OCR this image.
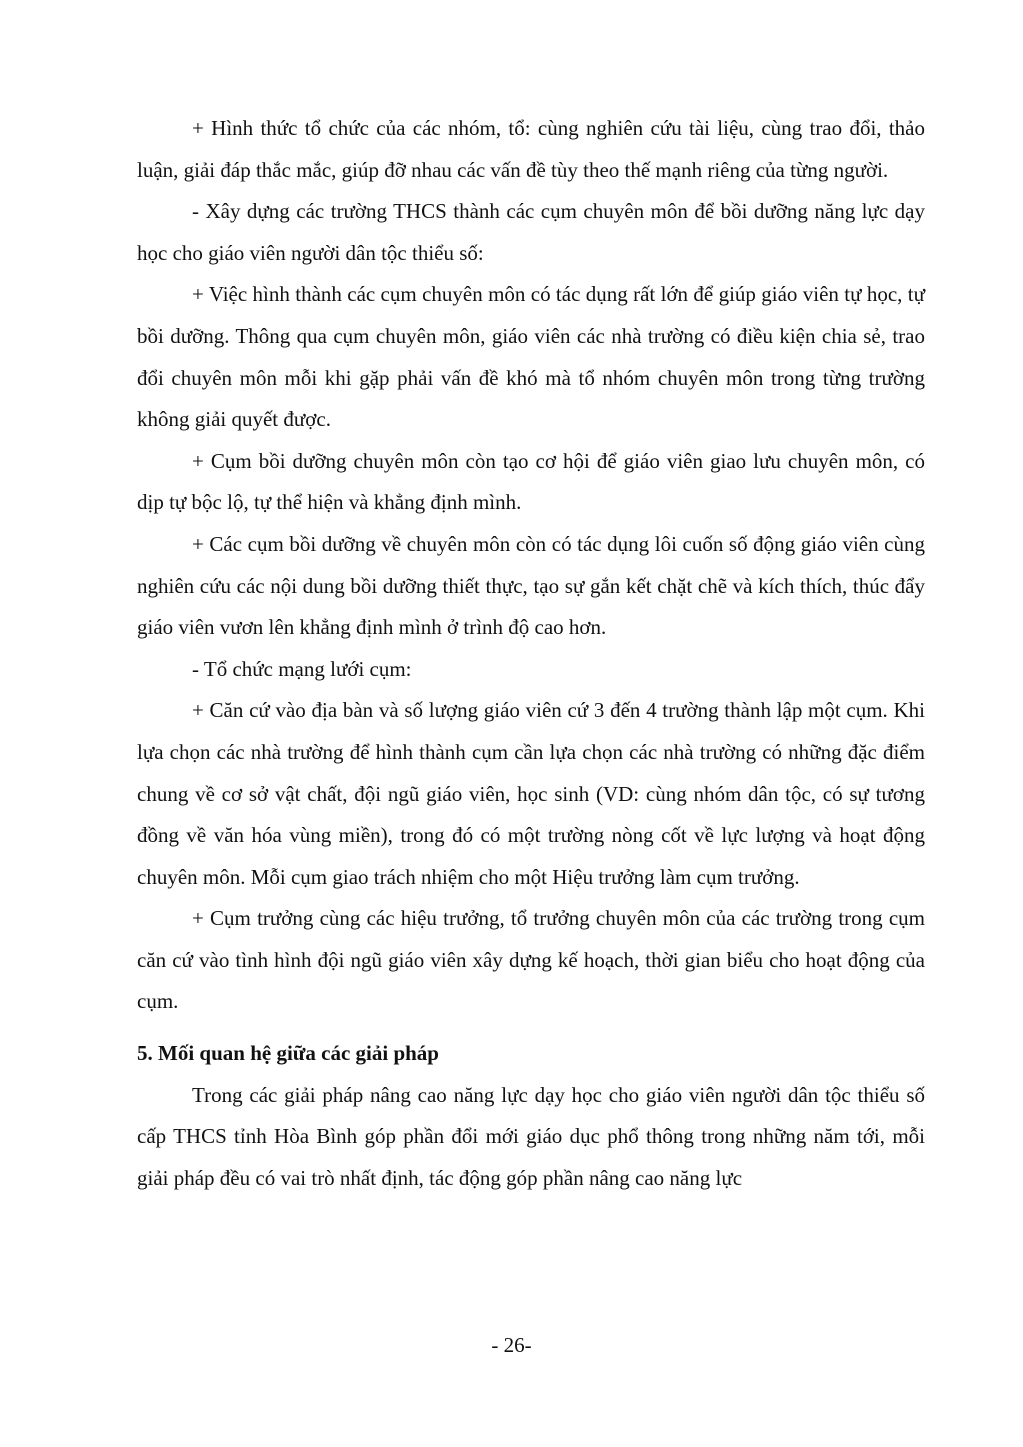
+ Hình thức tổ chức của các nhóm, tổ: cùng nghiên cứu tài liệu, cùng trao đổi, thảo luận, giải đáp thắc mắc, giúp đỡ nhau các vấn đề tùy theo thế mạnh riêng của từng người.

- Xây dựng các trường THCS thành các cụm chuyên môn để bồi dưỡng năng lực dạy học cho giáo viên người dân tộc thiểu số:

+ Việc hình thành các cụm chuyên môn có tác dụng rất lớn để giúp giáo viên tự học, tự bồi dưỡng. Thông qua cụm chuyên môn, giáo viên các nhà trường có điều kiện chia sẻ, trao đổi chuyên môn mỗi khi gặp phải vấn đề khó mà tổ nhóm chuyên môn trong từng trường không giải quyết được.

+ Cụm bồi dưỡng chuyên môn còn tạo cơ hội để giáo viên giao lưu chuyên môn, có dịp tự bộc lộ, tự thể hiện và khẳng định mình.

+ Các cụm bồi dưỡng về chuyên môn còn có tác dụng lôi cuốn số động giáo viên cùng nghiên cứu các nội dung bồi dưỡng thiết thực, tạo sự gắn kết chặt chẽ và kích thích, thúc đẩy giáo viên vươn lên khẳng định mình ở trình độ cao hơn.

- Tổ chức mạng lưới cụm:

+ Căn cứ vào địa bàn và số lượng giáo viên cứ 3 đến 4 trường thành lập một cụm. Khi lựa chọn các nhà trường để hình thành cụm cần lựa chọn các nhà trường có những đặc điểm chung về cơ sở vật chất, đội ngũ giáo viên, học sinh (VD: cùng nhóm dân tộc, có sự tương đồng về văn hóa vùng miền), trong đó có một trường nòng cốt về lực lượng và hoạt động chuyên môn. Mỗi cụm giao trách nhiệm cho một Hiệu trưởng làm cụm trưởng.

+ Cụm trưởng cùng các hiệu trưởng, tổ trưởng chuyên môn của các trường trong cụm căn cứ vào tình hình đội ngũ giáo viên xây dựng kế hoạch, thời gian biểu cho hoạt động của cụm.

5. Mối quan hệ giữa các giải pháp

Trong các giải pháp nâng cao năng lực dạy học cho giáo viên người dân tộc thiểu số cấp THCS tỉnh Hòa Bình góp phần đổi mới giáo dục phổ thông trong những năm tới, mỗi giải pháp đều có vai trò nhất định, tác động góp phần nâng cao năng lực

- 26-
